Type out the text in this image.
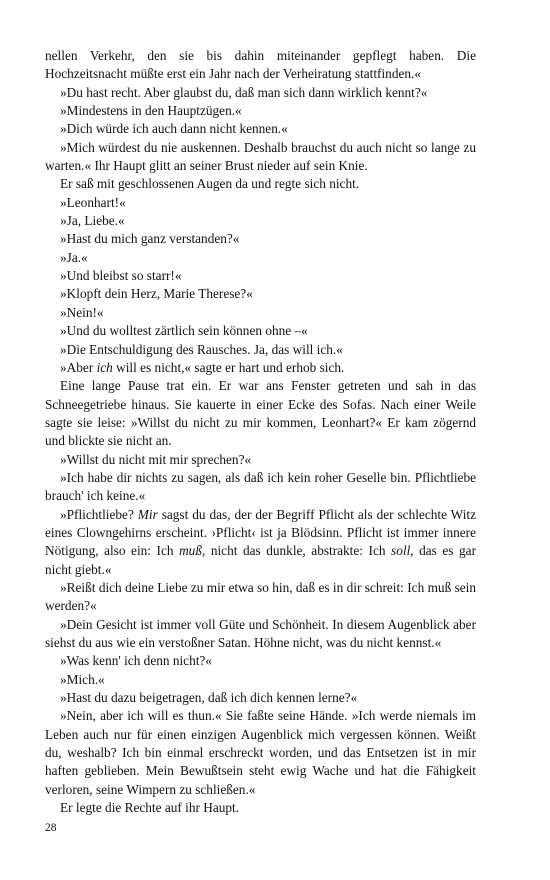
nellen Verkehr, den sie bis dahin miteinander gepflegt haben. Die Hochzeitsnacht müßte erst ein Jahr nach der Verheiratung stattfinden.«

»Du hast recht. Aber glaubst du, daß man sich dann wirklich kennt?«

»Mindestens in den Hauptzügen.«

»Dich würde ich auch dann nicht kennen.«

»Mich würdest du nie auskennen. Deshalb brauchst du auch nicht so lange zu warten.« Ihr Haupt glitt an seiner Brust nieder auf sein Knie.

Er saß mit geschlossenen Augen da und regte sich nicht.

»Leonhart!«

»Ja, Liebe.«

»Hast du mich ganz verstanden?«

»Ja.«

»Und bleibst so starr!«

»Klopft dein Herz, Marie Therese?«

»Nein!«

»Und du wolltest zärtlich sein können ohne –«

»Die Entschuldigung des Rausches. Ja, das will ich.«

»Aber ich will es nicht,« sagte er hart und erhob sich.

Eine lange Pause trat ein. Er war ans Fenster getreten und sah in das Schneegetriebe hinaus. Sie kauerte in einer Ecke des Sofas. Nach einer Weile sagte sie leise: »Willst du nicht zu mir kommen, Leonhart?« Er kam zögernd und blickte sie nicht an.

»Willst du nicht mit mir sprechen?«

»Ich habe dir nichts zu sagen, als daß ich kein roher Geselle bin. Pflichtliebe brauch' ich keine.«

»Pflichtliebe? Mir sagst du das, der der Begriff Pflicht als der schlechte Witz eines Clowngehirns erscheint. ›Pflicht‹ ist ja Blödsinn. Pflicht ist immer innere Nötigung, also ein: Ich muß, nicht das dunkle, abstrakte: Ich soll, das es gar nicht giebt.«

»Reißt dich deine Liebe zu mir etwa so hin, daß es in dir schreit: Ich muß sein werden?«

»Dein Gesicht ist immer voll Güte und Schönheit. In diesem Augenblick aber siehst du aus wie ein verstoßner Satan. Höhne nicht, was du nicht kennst.«

»Was kenn' ich denn nicht?«

»Mich.«

»Hast du dazu beigetragen, daß ich dich kennen lerne?«

»Nein, aber ich will es thun.« Sie faßte seine Hände. »Ich werde niemals im Leben auch nur für einen einzigen Augenblick mich vergessen können. Weißt du, weshalb? Ich bin einmal erschreckt worden, und das Entsetzen ist in mir haften geblieben. Mein Bewußtsein steht ewig Wache und hat die Fähigkeit verloren, seine Wimpern zu schließen.«

Er legte die Rechte auf ihr Haupt.

28
